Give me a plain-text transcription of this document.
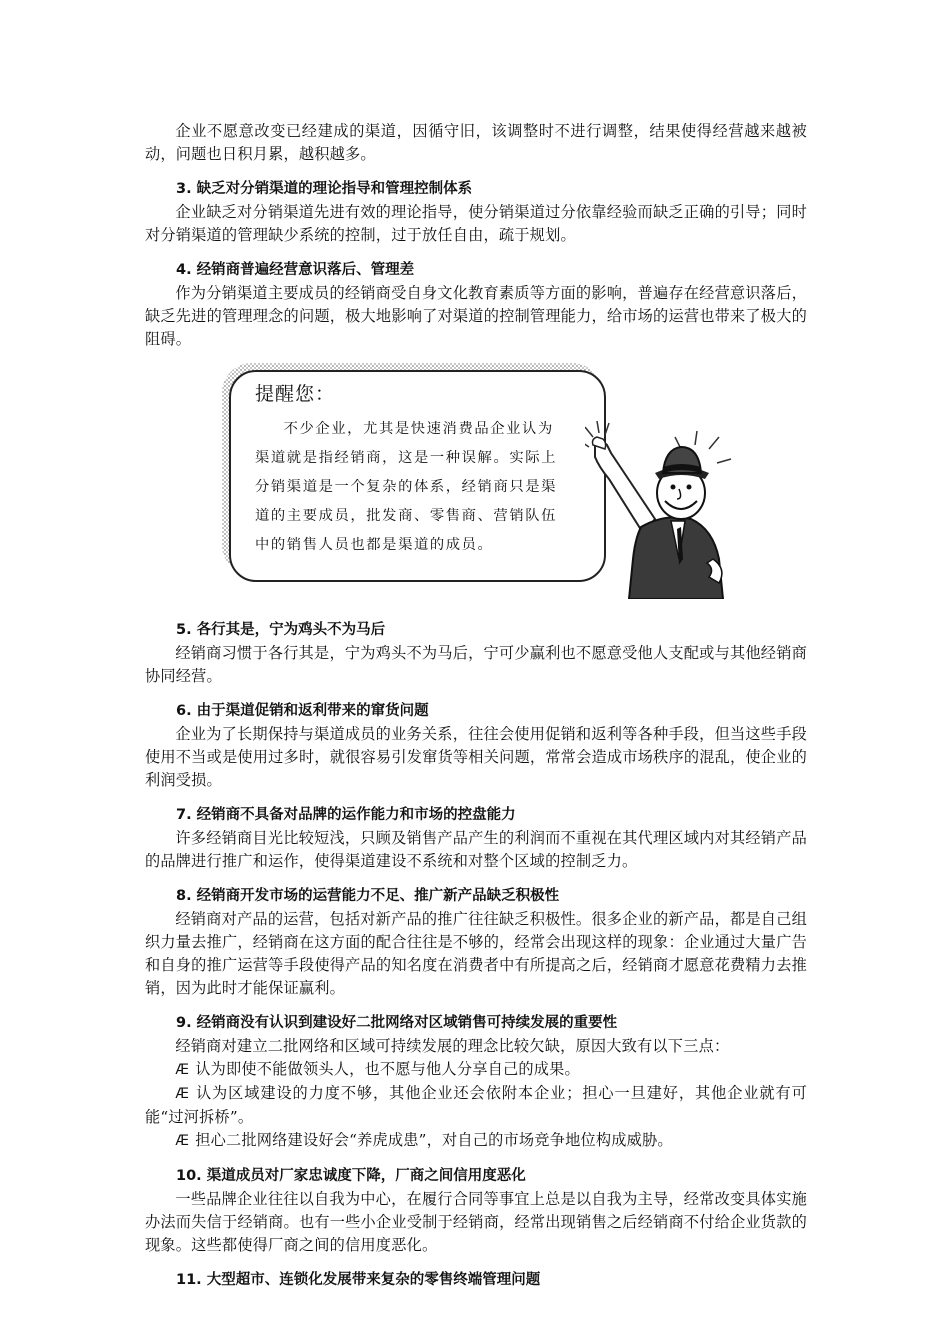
企业不愿意改变已经建成的渠道，因循守旧，该调整时不进行调整，结果使得经营越来越被动，问题也日积月累，越积越多。

3. 缺乏对分销渠道的理论指导和管理控制体系

企业缺乏对分销渠道先进有效的理论指导，使分销渠道过分依靠经验而缺乏正确的引导；同时对分销渠道的管理缺少系统的控制，过于放任自由，疏于规划。

4. 经销商普遍经营意识落后、管理差

作为分销渠道主要成员的经销商受自身文化教育素质等方面的影响，普遍存在经营意识落后，缺乏先进的管理理念的问题，极大地影响了对渠道的控制管理能力，给市场的运营也带来了极大的阻碍。

提醒您：
不少企业，尤其是快速消费品企业认为
渠道就是指经销商，这是一种误解。实际上
分销渠道是一个复杂的体系，经销商只是渠
道的主要成员，批发商、零售商、营销队伍
中的销售人员也都是渠道的成员。
5. 各行其是，宁为鸡头不为马后

经销商习惯于各行其是，宁为鸡头不为马后，宁可少赢利也不愿意受他人支配或与其他经销商协同经营。

6. 由于渠道促销和返利带来的窜货问题

企业为了长期保持与渠道成员的业务关系，往往会使用促销和返利等各种手段，但当这些手段使用不当或是使用过多时，就很容易引发窜货等相关问题，常常会造成市场秩序的混乱，使企业的利润受损。

7. 经销商不具备对品牌的运作能力和市场的控盘能力

许多经销商目光比较短浅，只顾及销售产品产生的利润而不重视在其代理区域内对其经销产品的品牌进行推广和运作，使得渠道建设不系统和对整个区域的控制乏力。

8. 经销商开发市场的运营能力不足、推广新产品缺乏积极性

经销商对产品的运营，包括对新产品的推广往往缺乏积极性。很多企业的新产品，都是自己组织力量去推广，经销商在这方面的配合往往是不够的，经常会出现这样的现象：企业通过大量广告和自身的推广运营等手段使得产品的知名度在消费者中有所提高之后，经销商才愿意花费精力去推销，因为此时才能保证赢利。

9. 经销商没有认识到建设好二批网络对区域销售可持续发展的重要性

经销商对建立二批网络和区域可持续发展的理念比较欠缺，原因大致有以下三点：

Æ 认为即使不能做领头人，也不愿与他人分享自己的成果。

Æ 认为区域建设的力度不够，其他企业还会依附本企业；担心一旦建好，其他企业就有可能“过河拆桥”。

Æ 担心二批网络建设好会“养虎成患”，对自己的市场竞争地位构成威胁。

10. 渠道成员对厂家忠诚度下降，厂商之间信用度恶化

一些品牌企业往往以自我为中心，在履行合同等事宜上总是以自我为主导，经常改变具体实施办法而失信于经销商。也有一些小企业受制于经销商，经常出现销售之后经销商不付给企业货款的现象。这些都使得厂商之间的信用度恶化。

11. 大型超市、连锁化发展带来复杂的零售终端管理问题
